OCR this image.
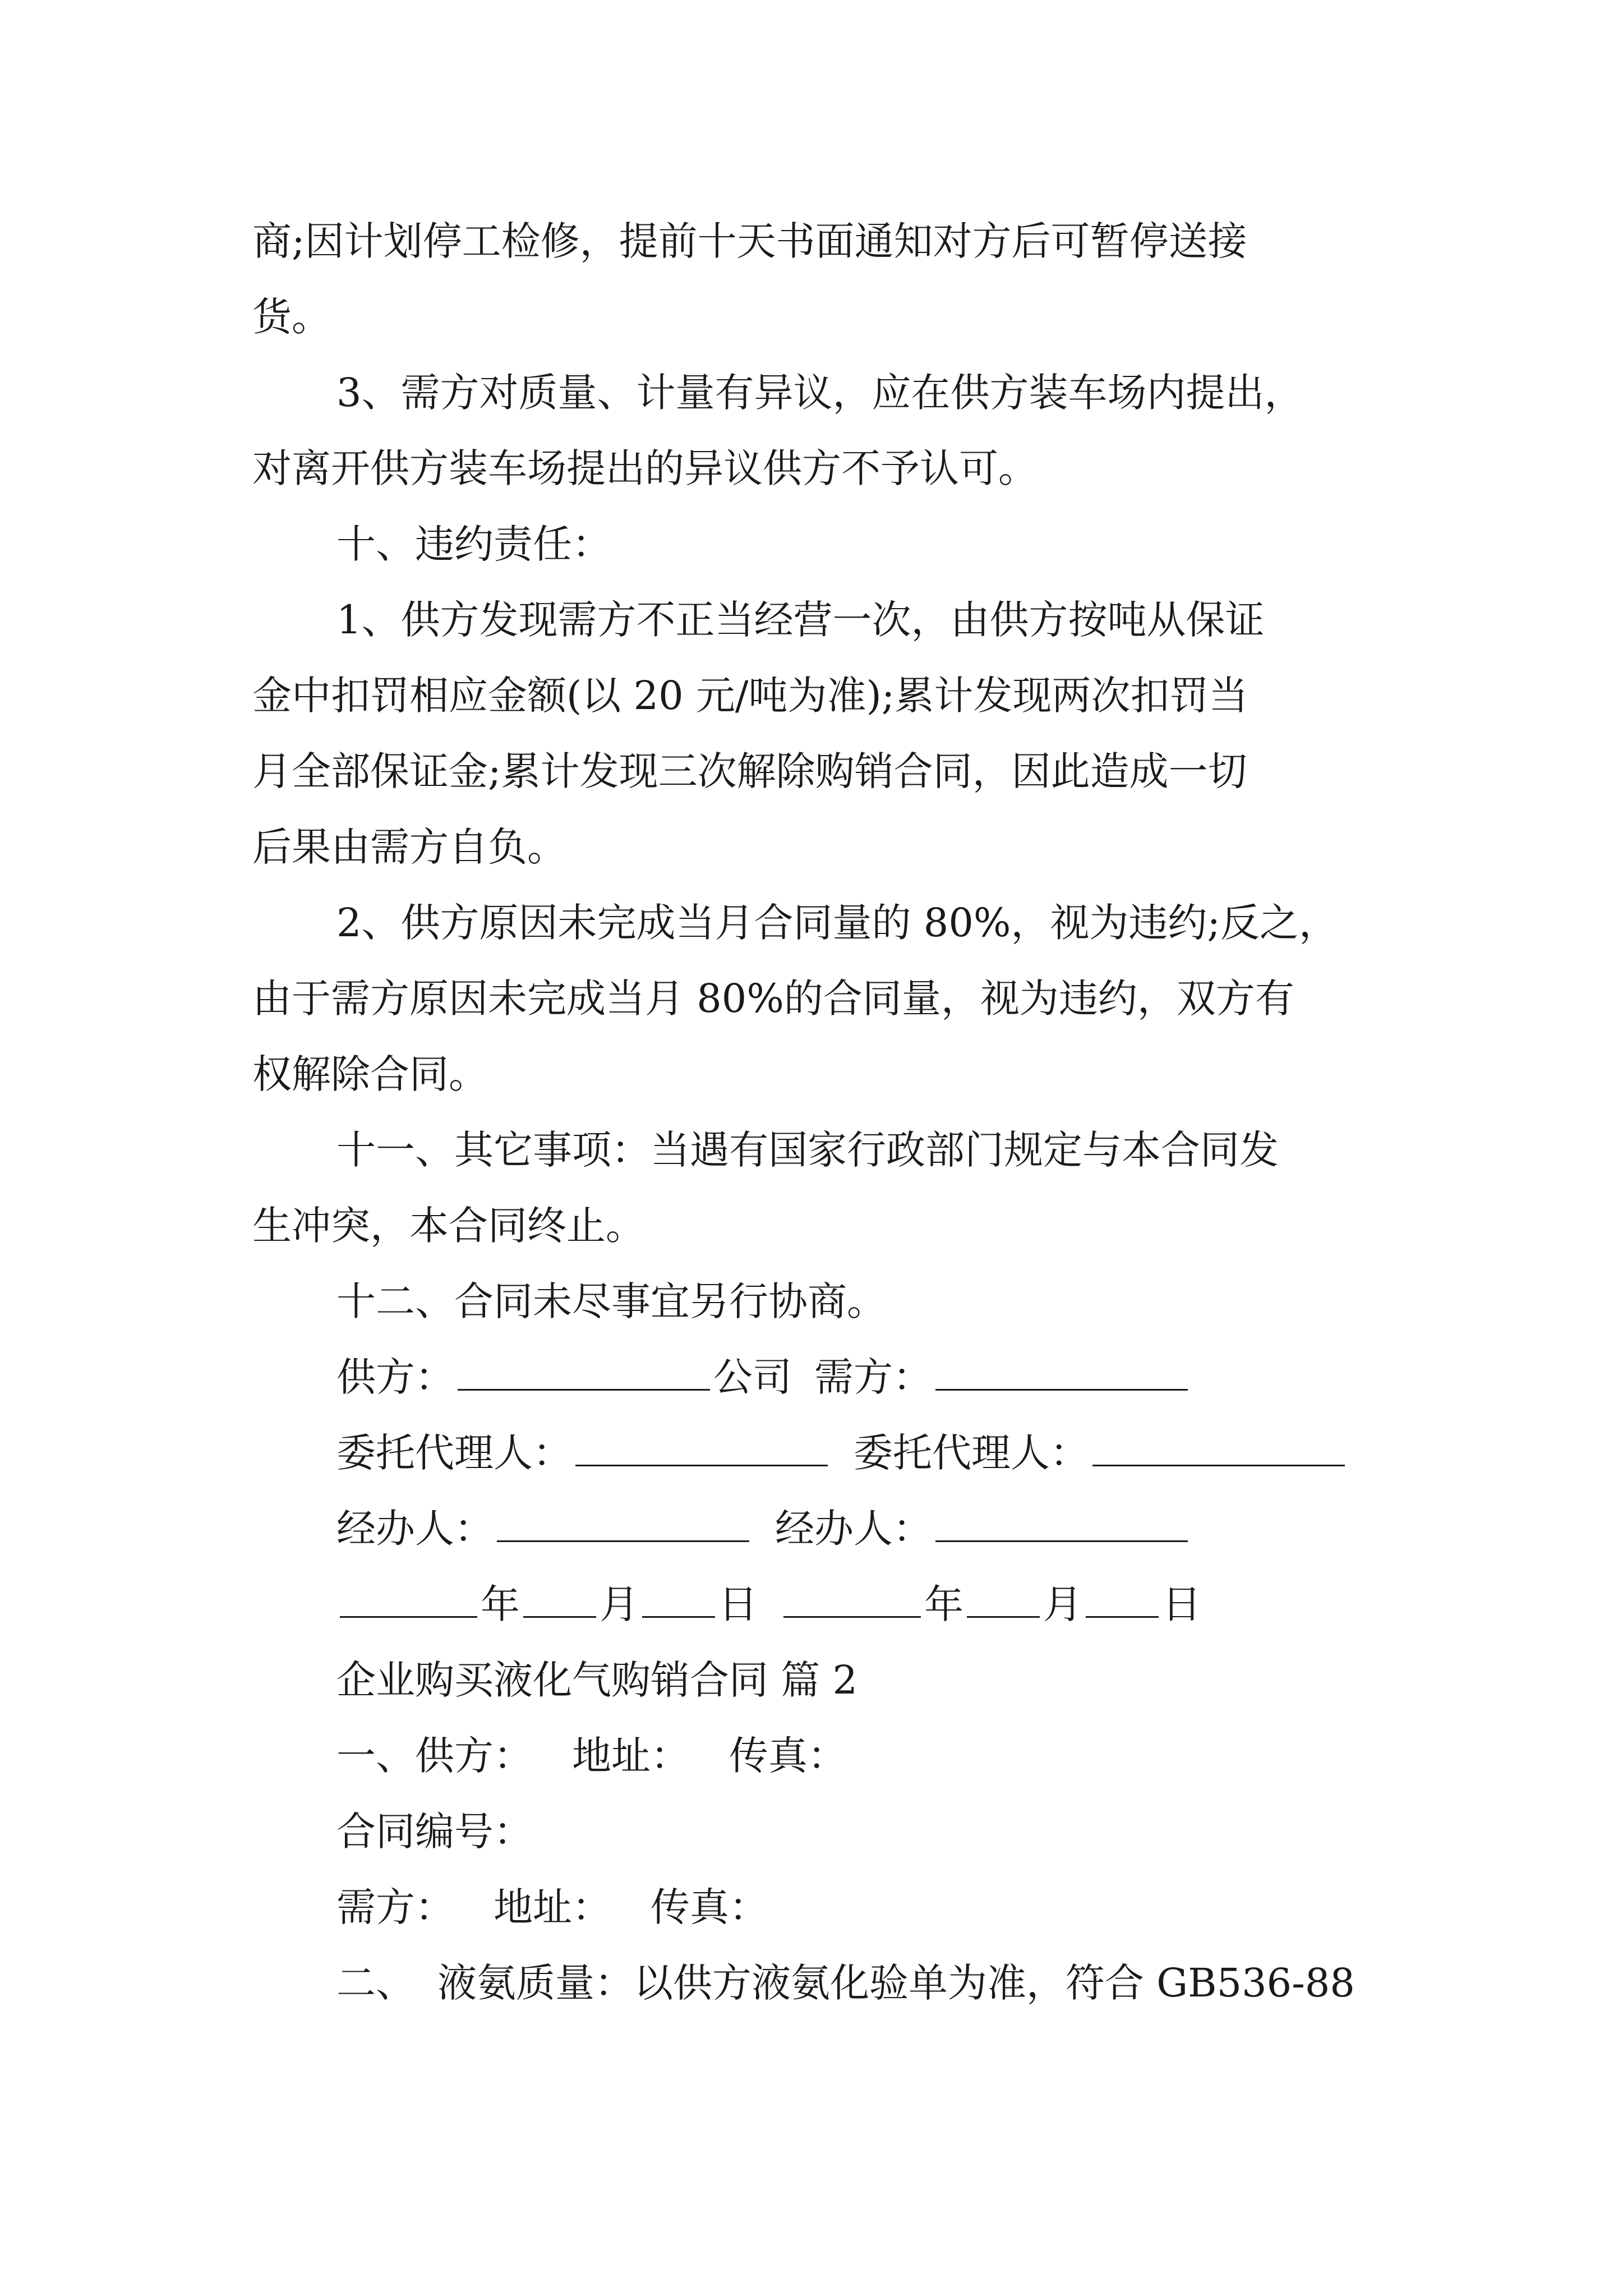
商;因计划停工检修，提前十天书面通知对方后可暂停送接
货。
3、需方对质量、计量有异议，应在供方装车场内提出，
对离开供方装车场提出的异议供方不予认可。
十、违约责任：
1、供方发现需方不正当经营一次，由供方按吨从保证
金中扣罚相应金额(以 20 元/吨为准);累计发现两次扣罚当
月全部保证金;累计发现三次解除购销合同，因此造成一切
后果由需方自负。
2、供方原因未完成当月合同量的 80%，视为违约;反之，
由于需方原因未完成当月 80%的合同量，视为违约，双方有
权解除合同。
十一、其它事项：当遇有国家行政部门规定与本合同发
生冲突，本合同终止。
十二、合同未尽事宜另行协商。
供方：	公司 需方：
委托代理人：	委托代理人：
经办人：	经办人：
年 月 日	年 月 日
企业购买液化气购销合同 篇 2
一、供方： 地址： 传真：
合同编号：
需方： 地址： 传真：
二、 液氨质量：以供方液氨化验单为准，符合 GB536-88
